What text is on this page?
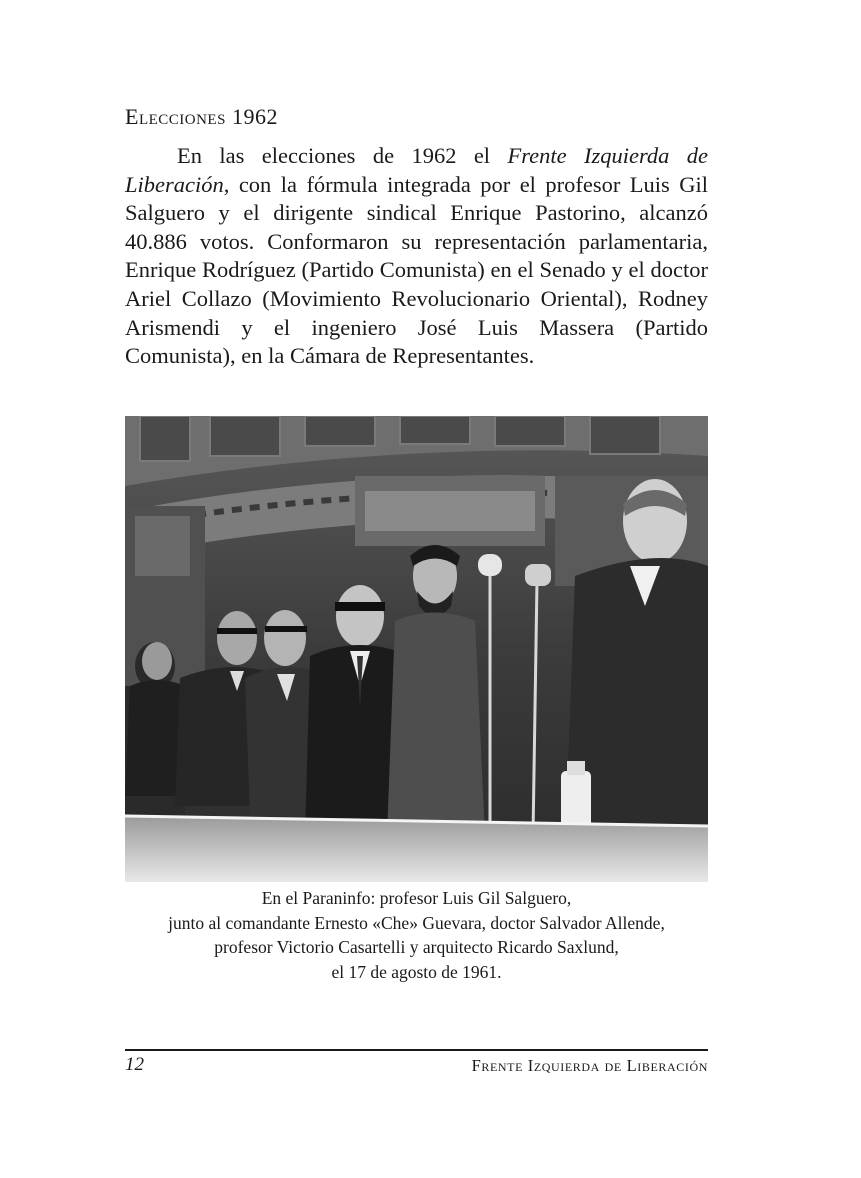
Elecciones 1962

En las elecciones de 1962 el Frente Izquierda de Liberación, con la fórmula integrada por el profesor Luis Gil Salguero y el dirigente sindical Enrique Pastorino, alcanzó 40.886 votos. Conformaron su representación parlamentaria, Enrique Rodríguez (Partido Comunista) en el Senado y el doctor Ariel Collazo (Movimiento Revolucionario Oriental), Rodney Arismendi y el ingeniero José Luis Massera (Partido Comunista), en la Cámara de Representantes.

En el Paraninfo: profesor Luis Gil Salguero,
junto al comandante Ernesto «Che» Guevara, doctor Salvador Allende,
profesor Victorio Casartelli y arquitecto Ricardo Saxlund,
el 17 de agosto de 1961.
12	Frente Izquierda de Liberación
